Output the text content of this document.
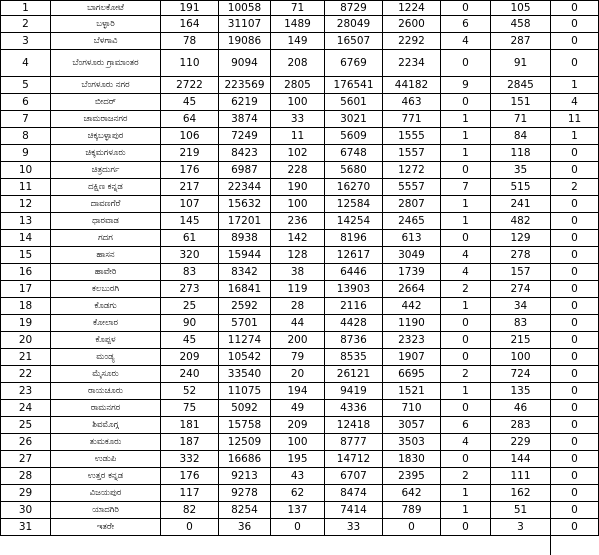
1	ಬಾಗಲಕೋಟೆ	191	10058	71	8729	1224	0	105	0
2	ಬಳ್ಳಾರಿ	164	31107	1489	28049	2600	6	458	0
3	ಬೆಳಗಾವಿ	78	19086	149	16507	2292	4	287	0
4	ಬೆಂಗಳೂರು ಗ್ರಾಮಾಂತರ	110	9094	208	6769	2234	0	91	0
5	ಬೆಂಗಳೂರು ನಗರ	2722	223569	2805	176541	44182	9	2845	1
6	ಬೀದರ್	45	6219	100	5601	463	0	151	4
7	ಚಾಮರಾಜನಗರ	64	3874	33	3021	771	1	71	11
8	ಚಿಕ್ಕಬಳ್ಳಾಪುರ	106	7249	11	5609	1555	1	84	1
9	ಚಿಕ್ಕಮಗಳೂರು	219	8423	102	6748	1557	1	118	0
10	ಚಿತ್ರದುರ್ಗ	176	6987	228	5680	1272	0	35	0
11	ದಕ್ಷಿಣ ಕನ್ನಡ	217	22344	190	16270	5557	7	515	2
12	ದಾವಣಗೆರೆ	107	15632	100	12584	2807	1	241	0
13	ಧಾರವಾಡ	145	17201	236	14254	2465	1	482	0
14	ಗದಗ	61	8938	142	8196	613	0	129	0
15	ಹಾಸನ	320	15944	128	12617	3049	4	278	0
16	ಹಾವೇರಿ	83	8342	38	6446	1739	4	157	0
17	ಕಲಬುರಗಿ	273	16841	119	13903	2664	2	274	0
18	ಕೊಡಗು	25	2592	28	2116	442	1	34	0
19	ಕೋಲಾರ	90	5701	44	4428	1190	0	83	0
20	ಕೊಪ್ಪಳ	45	11274	200	8736	2323	0	215	0
21	ಮಂಡ್ಯ	209	10542	79	8535	1907	0	100	0
22	ಮೈಸೂರು	240	33540	20	26121	6695	2	724	0
23	ರಾಯಚೂರು	52	11075	194	9419	1521	1	135	0
24	ರಾಮನಗರ	75	5092	49	4336	710	0	46	0
25	ಶಿವಮೊಗ್ಗ	181	15758	209	12418	3057	6	283	0
26	ತುಮಕೂರು	187	12509	100	8777	3503	4	229	0
27	ಉಡುಪಿ	332	16686	195	14712	1830	0	144	0
28	ಉತ್ತರ ಕನ್ನಡ	176	9213	43	6707	2395	2	111	0
29	ವಿಜಯಪುರ	117	9278	62	8474	642	1	162	0
30	ಯಾದಗಿರಿ	82	8254	137	7414	789	1	51	0
31	ಇತರೇ	0	36	0	33	0	0	3	0
